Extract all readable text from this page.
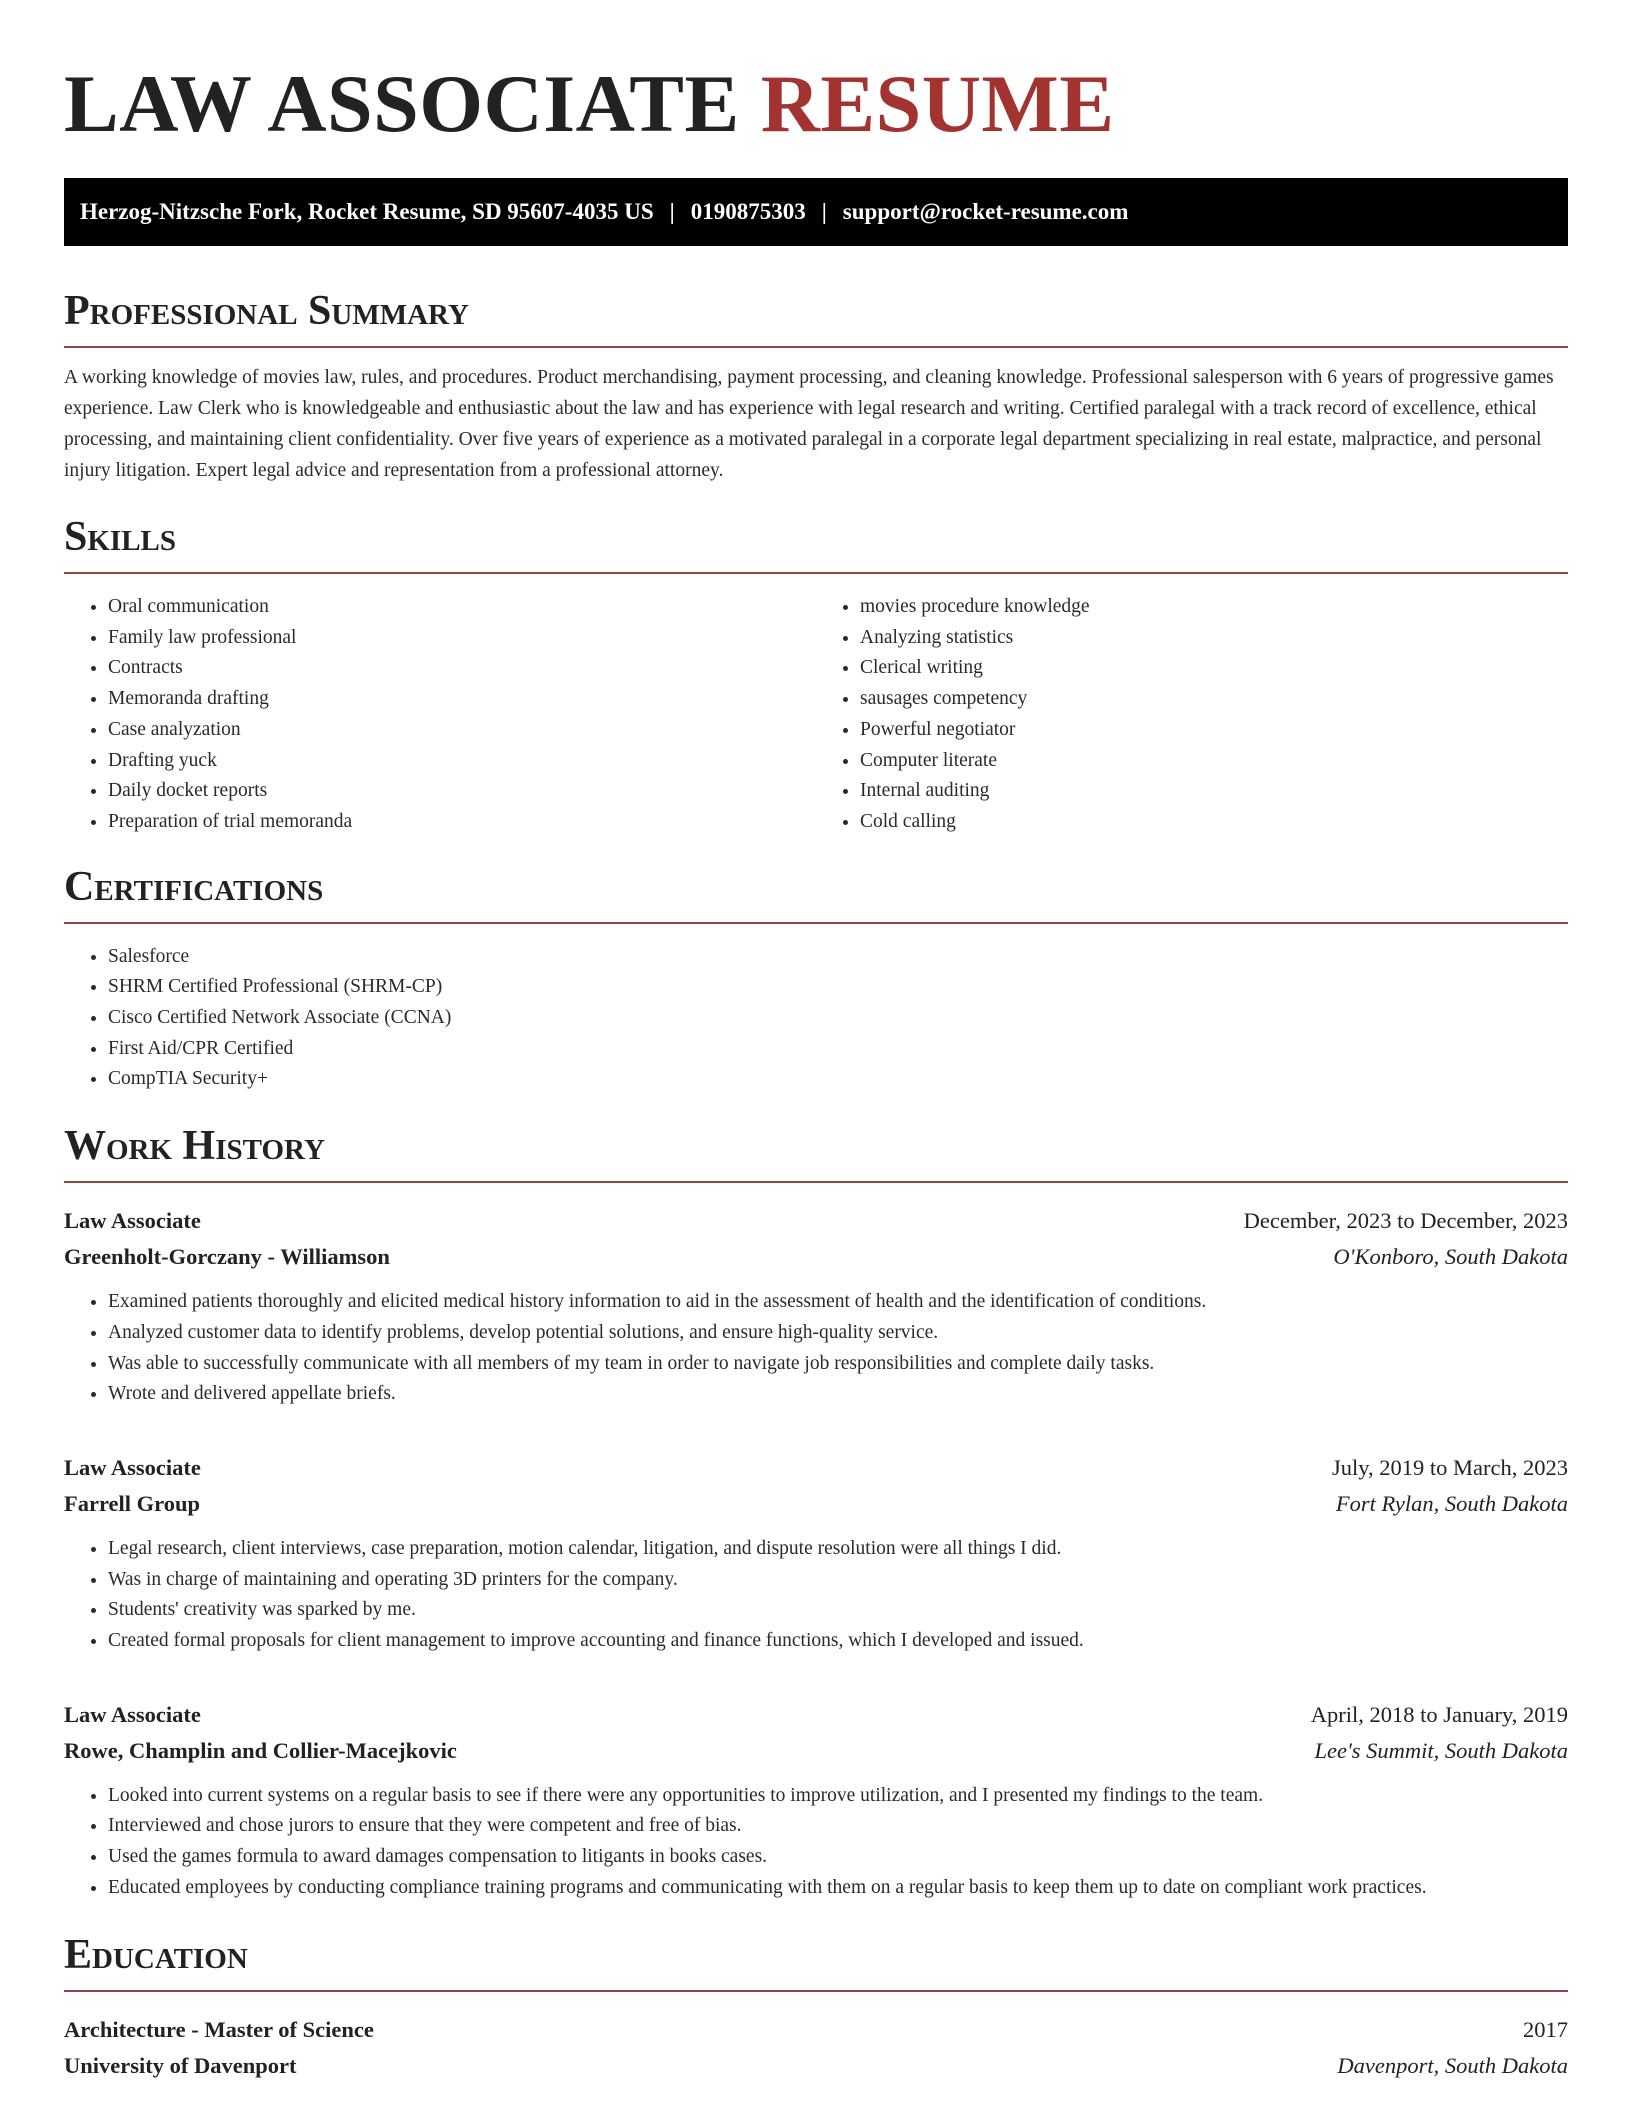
LAW ASSOCIATE RESUME
Herzog-Nitzsche Fork, Rocket Resume, SD 95607-4035 US | 0190875303 | support@rocket-resume.com
Professional Summary

A working knowledge of movies law, rules, and procedures. Product merchandising, payment processing, and cleaning knowledge. Professional salesperson with 6 years of progressive games experience. Law Clerk who is knowledgeable and enthusiastic about the law and has experience with legal research and writing. Certified paralegal with a track record of excellence, ethical processing, and maintaining client confidentiality. Over five years of experience as a motivated paralegal in a corporate legal department specializing in real estate, malpractice, and personal injury litigation. Expert legal advice and representation from a professional attorney.

Skills
• Oral communication
• Family law professional
• Contracts
• Memoranda drafting
• Case analyzation
• Drafting yuck
• Daily docket reports
• Preparation of trial memoranda
• movies procedure knowledge
• Analyzing statistics
• Clerical writing
• sausages competency
• Powerful negotiator
• Computer literate
• Internal auditing
• Cold calling
Certifications
• Salesforce
• SHRM Certified Professional (SHRM-CP)
• Cisco Certified Network Associate (CCNA)
• First Aid/CPR Certified
• CompTIA Security+
Work History
Law Associate	December, 2023 to December, 2023
Greenholt-Gorczany - Williamson	O'Konboro, South Dakota
• Examined patients thoroughly and elicited medical history information to aid in the assessment of health and the identification of conditions.
• Analyzed customer data to identify problems, develop potential solutions, and ensure high-quality service.
• Was able to successfully communicate with all members of my team in order to navigate job responsibilities and complete daily tasks.
• Wrote and delivered appellate briefs.
Law Associate	July, 2019 to March, 2023
Farrell Group	Fort Rylan, South Dakota
• Legal research, client interviews, case preparation, motion calendar, litigation, and dispute resolution were all things I did.
• Was in charge of maintaining and operating 3D printers for the company.
• Students' creativity was sparked by me.
• Created formal proposals for client management to improve accounting and finance functions, which I developed and issued.
Law Associate	April, 2018 to January, 2019
Rowe, Champlin and Collier-Macejkovic	Lee's Summit, South Dakota
• Looked into current systems on a regular basis to see if there were any opportunities to improve utilization, and I presented my findings to the team.
• Interviewed and chose jurors to ensure that they were competent and free of bias.
• Used the games formula to award damages compensation to litigants in books cases.
• Educated employees by conducting compliance training programs and communicating with them on a regular basis to keep them up to date on compliant work practices.
Education
Architecture - Master of Science	2017
University of Davenport	Davenport, South Dakota
